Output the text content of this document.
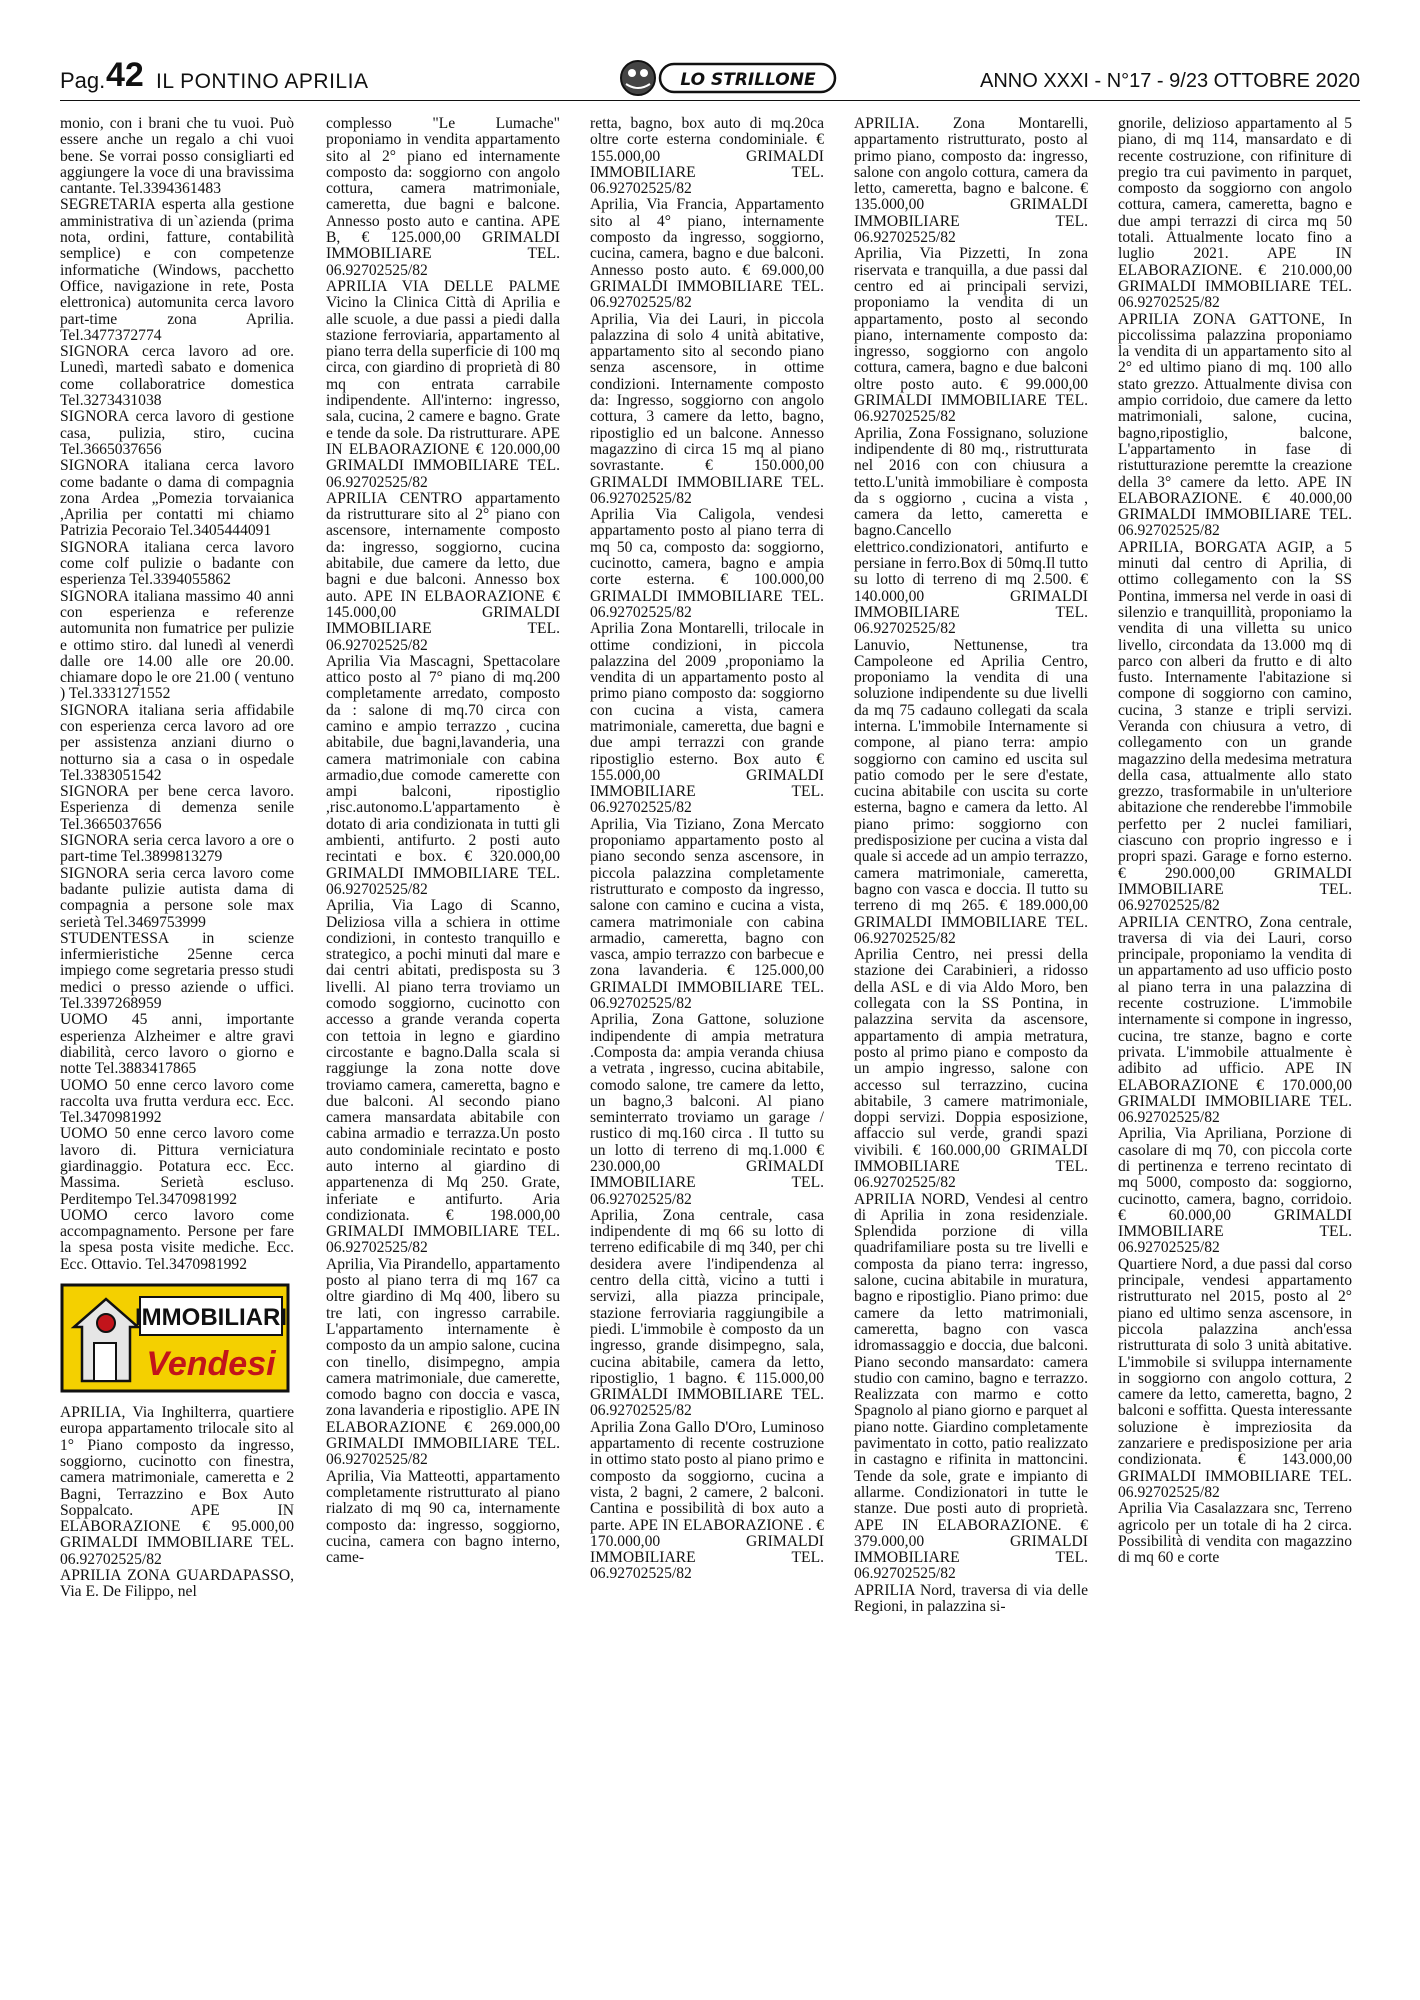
Pag. 42 IL PONTINO APRILIA	LO STRILLONE	ANNO XXXI - N°17 - 9/23 OTTOBRE 2020

monio, con i brani che tu vuoi. Può essere anche un regalo a chi vuoi bene. Se vorrai posso consigliarti ed aggiungere la voce di una bravissima cantante. Tel.3394361483

SEGRETARIA esperta alla gestione amministrativa di un`azienda (prima nota, ordini, fatture, contabilità semplice) e con competenze informatiche (Windows, pacchetto Office, navigazione in rete, Posta elettronica) automunita cerca lavoro part-time zona Aprilia. Tel.3477372774

SIGNORA cerca lavoro ad ore. Lunedì, martedì sabato e domenica come collaboratrice domestica Tel.3273431038

SIGNORA cerca lavoro di gestione casa, pulizia, stiro, cucina Tel.3665037656

SIGNORA italiana cerca lavoro come badante o dama di compagnia zona Ardea „Pomezia torvaianica ,Aprilia per contatti mi chiamo Patrizia Pecoraio Tel.3405444091

SIGNORA italiana cerca lavoro come colf pulizie o badante con esperienza Tel.3394055862

SIGNORA italiana massimo 40 anni con esperienza e referenze automunita non fumatrice per pulizie e ottimo stiro. dal lunedì al venerdì dalle ore 14.00 alle ore 20.00. chiamare dopo le ore 21.00 ( ventuno ) Tel.3331271552

SIGNORA italiana seria affidabile con esperienza cerca lavoro ad ore per assistenza anziani diurno o notturno sia a casa o in ospedale Tel.3383051542

SIGNORA per bene cerca lavoro. Esperienza di demenza senile Tel.3665037656

SIGNORA seria cerca lavoro a ore o part-time Tel.3899813279

SIGNORA seria cerca lavoro come badante pulizie autista dama di compagnia a persone sole max serietà Tel.3469753999

STUDENTESSA in scienze infermieristiche 25enne cerca impiego come segretaria presso studi medici o presso aziende o uffici. Tel.3397268959

UOMO 45 anni, importante esperienza Alzheimer e altre gravi diabilità, cerco lavoro o giorno e notte Tel.3883417865

UOMO 50 enne cerco lavoro come raccolta uva frutta verdura ecc. Ecc. Tel.3470981992

UOMO 50 enne cerco lavoro come lavoro di. Pittura verniciatura giardinaggio. Potatura ecc. Ecc. Massima. Serietà escluso. Perditempo Tel.3470981992

UOMO cerco lavoro come accompagnamento. Persone per fare la spesa posta visite mediche. Ecc. Ecc. Ottavio. Tel.3470981992

IMMOBILIARI
Vendesi

APRILIA, Via Inghilterra, quartiere europa appartamento trilocale sito al 1° Piano composto da ingresso, soggiorno, cucinotto con finestra, camera matrimoniale, cameretta e 2 Bagni, Terrazzino e Box Auto Soppalcato. APE IN ELABORAZIONE € 95.000,00 GRIMALDI IMMOBILIARE TEL. 06.92702525/82

APRILIA ZONA GUARDAPASSO, Via E. De Filippo, nel

complesso "Le Lumache" proponiamo in vendita appartamento sito al 2° piano ed internamente composto da: soggiorno con angolo cottura, camera matrimoniale, cameretta, due bagni e balcone. Annesso posto auto e cantina. APE B, € 125.000,00 GRIMALDI IMMOBILIARE TEL. 06.92702525/82

APRILIA VIA DELLE PALME Vicino la Clinica Città di Aprilia e alle scuole, a due passi a piedi dalla stazione ferroviaria, appartamento al piano terra della superficie di 100 mq circa, con giardino di proprietà di 80 mq con entrata carrabile indipendente. All'interno: ingresso, sala, cucina, 2 camere e bagno. Grate e tende da sole. Da ristrutturare. APE IN ELBAORAZIONE € 120.000,00 GRIMALDI IMMOBILIARE TEL. 06.92702525/82

APRILIA CENTRO appartamento da ristrutturare sito al 2° piano con ascensore, internamente composto da: ingresso, soggiorno, cucina abitabile, due camere da letto, due bagni e due balconi. Annesso box auto. APE IN ELBAORAZIONE € 145.000,00 GRIMALDI IMMOBILIARE TEL. 06.92702525/82

Aprilia Via Mascagni, Spettacolare attico posto al 7° piano di mq.200 completamente arredato, composto da : salone di mq.70 circa con camino e ampio terrazzo , cucina abitabile, due bagni,lavanderia, una camera matrimoniale con cabina armadio,due comode camerette con ampi balconi, ripostiglio ,risc.autonomo.L'appartamento è dotato di aria condizionata in tutti gli ambienti, antifurto. 2 posti auto recintati e box. € 320.000,00 GRIMALDI IMMOBILIARE TEL. 06.92702525/82

Aprilia, Via Lago di Scanno, Deliziosa villa a schiera in ottime condizioni, in contesto tranquillo e strategico, a pochi minuti dal mare e dai centri abitati, predisposta su 3 livelli. Al piano terra troviamo un comodo soggiorno, cucinotto con accesso a grande veranda coperta con tettoia in legno e giardino circostante e bagno.Dalla scala si raggiunge la zona notte dove troviamo camera, cameretta, bagno e due balconi. Al secondo piano camera mansardata abitabile con cabina armadio e terrazza.Un posto auto condominiale recintato e posto auto interno al giardino di appartenenza di Mq 250. Grate, inferiate e antifurto. Aria condizionata. € 198.000,00 GRIMALDI IMMOBILIARE TEL. 06.92702525/82

Aprilia, Via Pirandello, appartamento posto al piano terra di mq 167 ca oltre giardino di Mq 400, libero su tre lati, con ingresso carrabile. L'appartamento internamente è composto da un ampio salone, cucina con tinello, disimpegno, ampia camera matrimoniale, due camerette, comodo bagno con doccia e vasca, zona lavanderia e ripostiglio. APE IN ELABORAZIONE € 269.000,00 GRIMALDI IMMOBILIARE TEL. 06.92702525/82

Aprilia, Via Matteotti, appartamento completamente ristrutturato al piano rialzato di mq 90 ca, internamente composto da: ingresso, soggiorno, cucina, camera con bagno interno, came-

retta, bagno, box auto di mq.20ca oltre corte esterna condominiale. € 155.000,00 GRIMALDI IMMOBILIARE TEL. 06.92702525/82

Aprilia, Via Francia, Appartamento sito al 4° piano, internamente composto da ingresso, soggiorno, cucina, camera, bagno e due balconi. Annesso posto auto. € 69.000,00 GRIMALDI IMMOBILIARE TEL. 06.92702525/82

Aprilia, Via dei Lauri, in piccola palazzina di solo 4 unità abitative, appartamento sito al secondo piano senza ascensore, in ottime condizioni. Internamente composto da: Ingresso, soggiorno con angolo cottura, 3 camere da letto, bagno, ripostiglio ed un balcone. Annesso magazzino di circa 15 mq al piano sovrastante. € 150.000,00 GRIMALDI IMMOBILIARE TEL. 06.92702525/82

Aprilia Via Caligola, vendesi appartamento posto al piano terra di mq 50 ca, composto da: soggiorno, cucinotto, camera, bagno e ampia corte esterna. € 100.000,00 GRIMALDI IMMOBILIARE TEL. 06.92702525/82

Aprilia Zona Montarelli, trilocale in ottime condizioni, in piccola palazzina del 2009 ,proponiamo la vendita di un appartamento posto al primo piano composto da: soggiorno con cucina a vista, camera matrimoniale, cameretta, due bagni e due ampi terrazzi con grande ripostiglio esterno. Box auto € 155.000,00 GRIMALDI IMMOBILIARE TEL. 06.92702525/82

Aprilia, Via Tiziano, Zona Mercato proponiamo appartamento posto al piano secondo senza ascensore, in piccola palazzina completamente ristrutturato e composto da ingresso, salone con camino e cucina a vista, camera matrimoniale con cabina armadio, cameretta, bagno con vasca, ampio terrazzo con barbecue e zona lavanderia. € 125.000,00 GRIMALDI IMMOBILIARE TEL. 06.92702525/82

Aprilia, Zona Gattone, soluzione indipendente di ampia metratura .Composta da: ampia veranda chiusa a vetrata , ingresso, cucina abitabile, comodo salone, tre camere da letto, un bagno,3 balconi. Al piano seminterrato troviamo un garage / rustico di mq.160 circa . Il tutto su un lotto di terreno di mq.1.000 € 230.000,00 GRIMALDI IMMOBILIARE TEL. 06.92702525/82

Aprilia, Zona centrale, casa indipendente di mq 66 su lotto di terreno edificabile di mq 340, per chi desidera avere l'indipendenza al centro della città, vicino a tutti i servizi, alla piazza principale, stazione ferroviaria raggiungibile a piedi. L'immobile è composto da un ingresso, grande disimpegno, sala, cucina abitabile, camera da letto, ripostiglio, 1 bagno. € 115.000,00 GRIMALDI IMMOBILIARE TEL. 06.92702525/82

Aprilia Zona Gallo D'Oro, Luminoso appartamento di recente costruzione in ottimo stato posto al piano primo e composto da soggiorno, cucina a vista, 2 bagni, 2 camere, 2 balconi. Cantina e possibilità di box auto a parte. APE IN ELABORAZIONE . € 170.000,00 GRIMALDI IMMOBILIARE TEL. 06.92702525/82

APRILIA. Zona Montarelli, appartamento ristrutturato, posto al primo piano, composto da: ingresso, salone con angolo cottura, camera da letto, cameretta, bagno e balcone. € 135.000,00 GRIMALDI IMMOBILIARE TEL. 06.92702525/82

Aprilia, Via Pizzetti, In zona riservata e tranquilla, a due passi dal centro ed ai principali servizi, proponiamo la vendita di un appartamento, posto al secondo piano, internamente composto da: ingresso, soggiorno con angolo cottura, camera, bagno e due balconi oltre posto auto. € 99.000,00 GRIMALDI IMMOBILIARE TEL. 06.92702525/82

Aprilia, Zona Fossignano, soluzione indipendente di 80 mq., ristrutturata nel 2016 con con chiusura a tetto.L'unità immobiliare è composta da s oggiorno , cucina a vista , camera da letto, cameretta e bagno.Cancello elettrico.condizionatori, antifurto e persiane in ferro.Box di 50mq.Il tutto su lotto di terreno di mq 2.500. € 140.000,00 GRIMALDI IMMOBILIARE TEL. 06.92702525/82

Lanuvio, Nettunense, tra Campoleone ed Aprilia Centro, proponiamo la vendita di una soluzione indipendente su due livelli da mq 75 cadauno collegati da scala interna. L'immobile Internamente si compone, al piano terra: ampio soggiorno con camino ed uscita sul patio comodo per le sere d'estate, cucina abitabile con uscita su corte esterna, bagno e camera da letto. Al piano primo: soggiorno con predisposizione per cucina a vista dal quale si accede ad un ampio terrazzo, camera matrimoniale, cameretta, bagno con vasca e doccia. Il tutto su terreno di mq 265. € 189.000,00 GRIMALDI IMMOBILIARE TEL. 06.92702525/82

Aprilia Centro, nei pressi della stazione dei Carabinieri, a ridosso della ASL e di via Aldo Moro, ben collegata con la SS Pontina, in palazzina servita da ascensore, appartamento di ampia metratura, posto al primo piano e composto da un ampio ingresso, salone con accesso sul terrazzino, cucina abitabile, 3 camere matrimoniale, doppi servizi. Doppia esposizione, affaccio sul verde, grandi spazi vivibili. € 160.000,00 GRIMALDI IMMOBILIARE TEL. 06.92702525/82

APRILIA NORD, Vendesi al centro di Aprilia in zona residenziale. Splendida porzione di villa quadrifamiliare posta su tre livelli e composta da piano terra: ingresso, salone, cucina abitabile in muratura, bagno e ripostiglio. Piano primo: due camere da letto matrimoniali, cameretta, bagno con vasca idromassaggio e doccia, due balconi. Piano secondo mansardato: camera studio con camino, bagno e terrazzo. Realizzata con marmo e cotto Spagnolo al piano giorno e parquet al piano notte. Giardino completamente pavimentato in cotto, patio realizzato in castagno e rifinita in mattoncini. Tende da sole, grate e impianto di allarme. Condizionatori in tutte le stanze. Due posti auto di proprietà. APE IN ELABORAZIONE. € 379.000,00 GRIMALDI IMMOBILIARE TEL. 06.92702525/82

APRILIA Nord, traversa di via delle Regioni, in palazzina si-

gnorile, delizioso appartamento al 5 piano, di mq 114, mansardato e di recente costruzione, con rifiniture di pregio tra cui pavimento in parquet, composto da soggiorno con angolo cottura, camera, cameretta, bagno e due ampi terrazzi di circa mq 50 totali. Attualmente locato fino a luglio 2021. APE IN ELABORAZIONE. € 210.000,00 GRIMALDI IMMOBILIARE TEL. 06.92702525/82

APRILIA ZONA GATTONE, In piccolissima palazzina proponiamo la vendita di un appartamento sito al 2° ed ultimo piano di mq. 100 allo stato grezzo. Attualmente divisa con ampio corridoio, due camere da letto matrimoniali, salone, cucina, bagno,ripostiglio, balcone, L'appartamento in fase di ristutturazione peremtte la creazione della 3° camere da letto. APE IN ELABORAZIONE. € 40.000,00 GRIMALDI IMMOBILIARE TEL. 06.92702525/82

APRILIA, BORGATA AGIP, a 5 minuti dal centro di Aprilia, di ottimo collegamento con la SS Pontina, immersa nel verde in oasi di silenzio e tranquillità, proponiamo la vendita di una villetta su unico livello, circondata da 13.000 mq di parco con alberi da frutto e di alto fusto. Internamente l'abitazione si compone di soggiorno con camino, cucina, 3 stanze e tripli servizi. Veranda con chiusura a vetro, di collegamento con un grande magazzino della medesima metratura della casa, attualmente allo stato grezzo, trasformabile in un'ulteriore abitazione che renderebbe l'immobile perfetto per 2 nuclei familiari, ciascuno con proprio ingresso e i propri spazi. Garage e forno esterno. € 290.000,00 GRIMALDI IMMOBILIARE TEL. 06.92702525/82

APRILIA CENTRO, Zona centrale, traversa di via dei Lauri, corso principale, proponiamo la vendita di un appartamento ad uso ufficio posto al piano terra in una palazzina di recente costruzione. L'immobile internamente si compone in ingresso, cucina, tre stanze, bagno e corte privata. L'immobile attualmente è adibito ad ufficio. APE IN ELABORAZIONE € 170.000,00 GRIMALDI IMMOBILIARE TEL. 06.92702525/82

Aprilia, Via Apriliana, Porzione di casolare di mq 70, con piccola corte di pertinenza e terreno recintato di mq 5000, composto da: soggiorno, cucinotto, camera, bagno, corridoio. € 60.000,00 GRIMALDI IMMOBILIARE TEL. 06.92702525/82

Quartiere Nord, a due passi dal corso principale, vendesi appartamento ristrutturato nel 2015, posto al 2° piano ed ultimo senza ascensore, in piccola palazzina anch'essa ristrutturata di solo 3 unità abitative. L'immobile si sviluppa internamente in soggiorno con angolo cottura, 2 camere da letto, cameretta, bagno, 2 balconi e soffitta. Questa interessante soluzione è impreziosita da zanzariere e predisposizione per aria condizionata. € 143.000,00 GRIMALDI IMMOBILIARE TEL. 06.92702525/82

Aprilia Via Casalazzara snc, Terreno agricolo per un totale di ha 2 circa. Possibilità di vendita con magazzino di mq 60 e corte
